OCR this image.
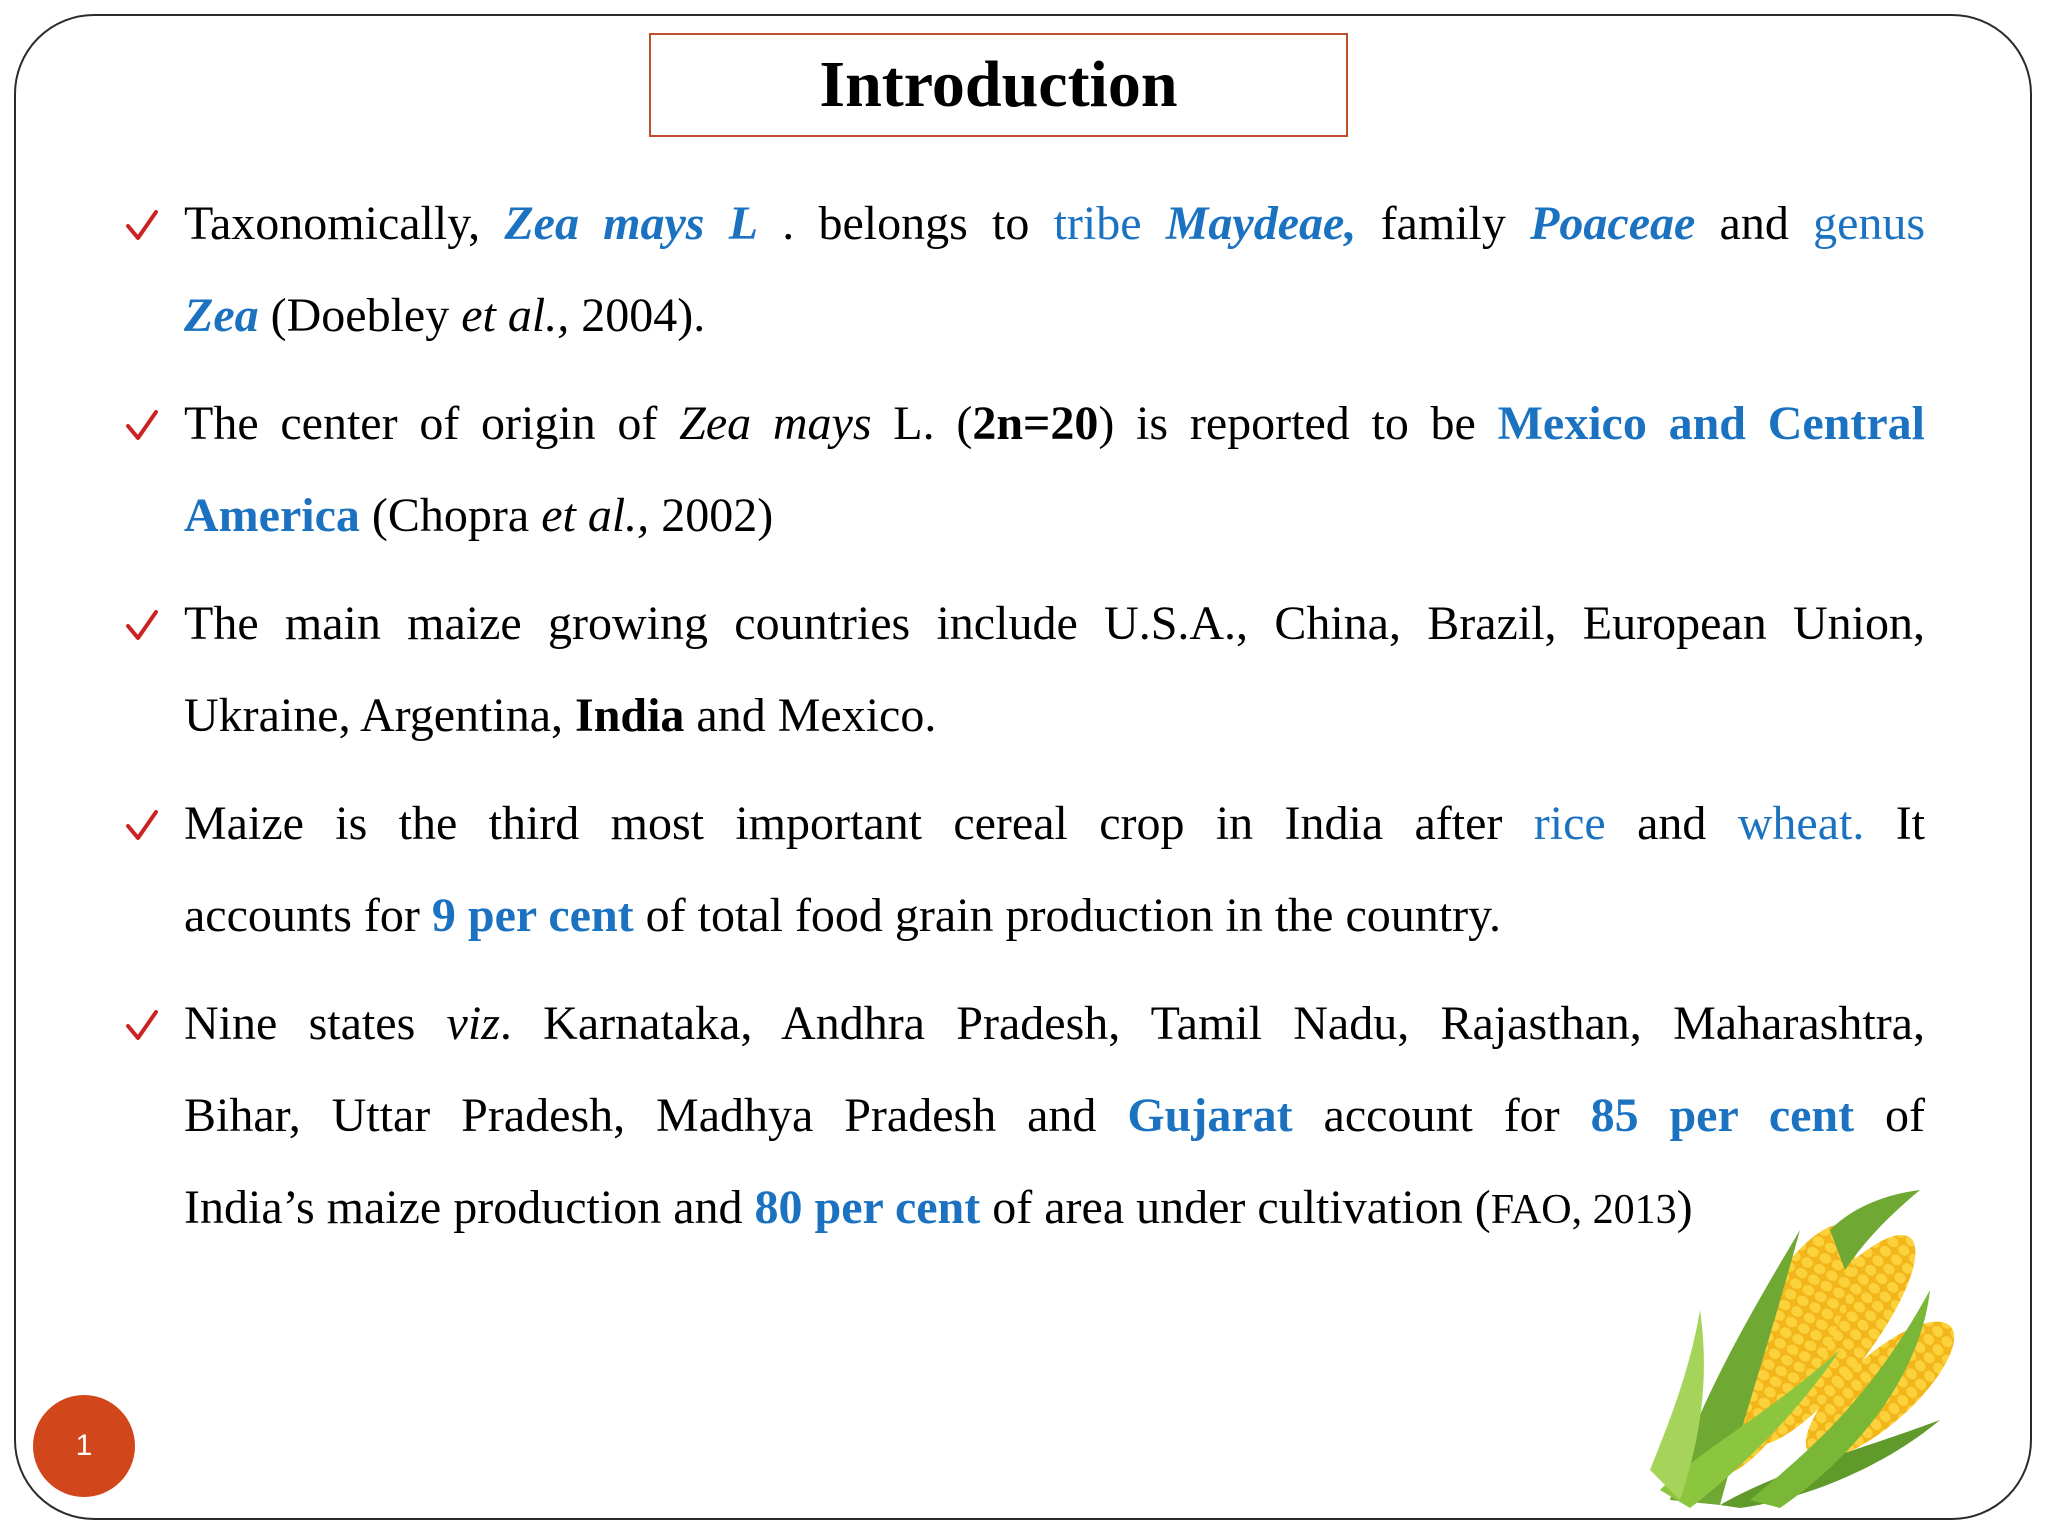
Introduction
Taxonomically, Zea mays L . belongs to tribe Maydeae, family Poaceae and genus
Zea (Doebley et al., 2004).
The center of origin of Zea mays L. (2n=20) is reported to be Mexico and Central
America (Chopra et al., 2002)
The main maize growing countries include U.S.A., China, Brazil, European Union,
Ukraine, Argentina, India and Mexico.
Maize is the third most important cereal crop in India after rice and wheat. It
accounts for 9 per cent of total food grain production in the country.
Nine states viz. Karnataka, Andhra Pradesh, Tamil Nadu, Rajasthan, Maharashtra,
Bihar, Uttar Pradesh, Madhya Pradesh and Gujarat account for 85 per cent of
India’s maize production and 80 per cent of area under cultivation (FAO, 2013)
1
